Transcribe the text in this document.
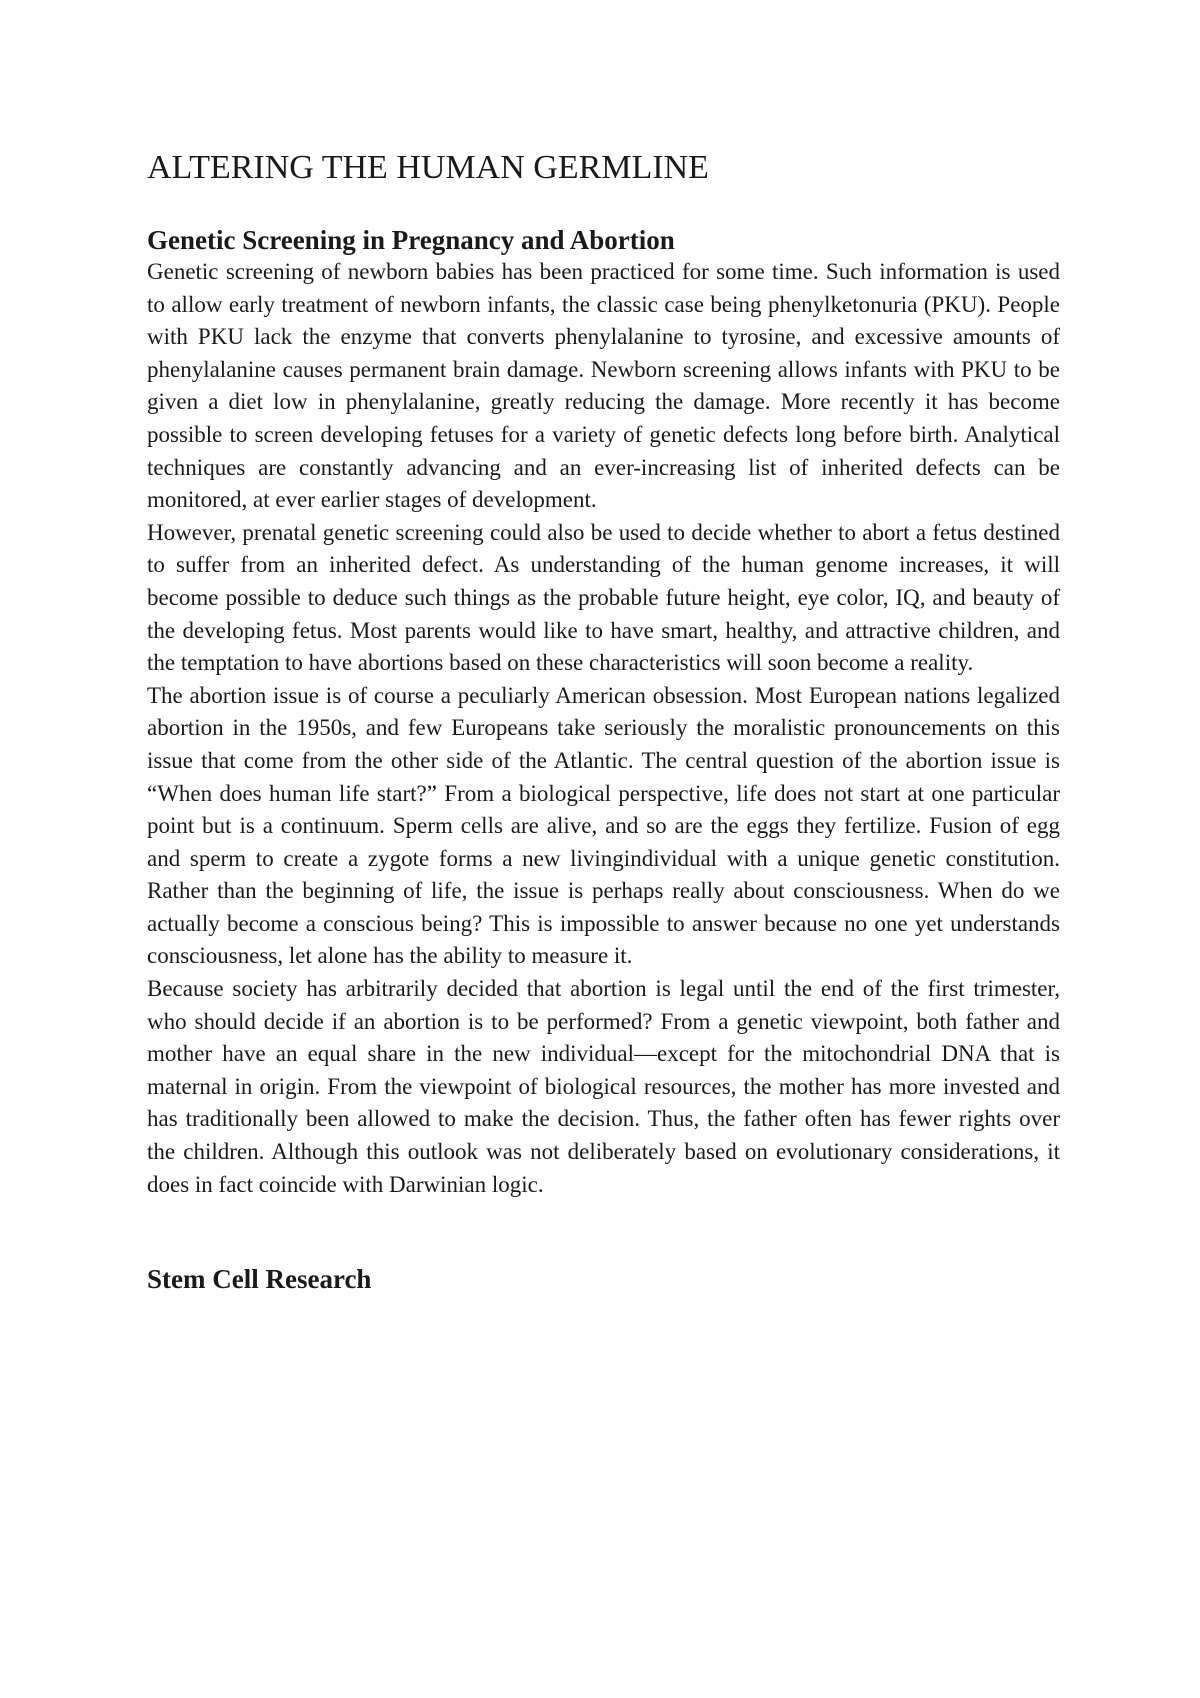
ALTERING THE HUMAN GERMLINE
Genetic Screening in Pregnancy and Abortion

Genetic screening of newborn babies has been practiced for some time. Such information is used to allow early treatment of newborn infants, the classic case being phenylketonuria (PKU). People with PKU lack the enzyme that converts phenylalanine to tyrosine, and excessive amounts of phenylalanine causes permanent brain damage. Newborn screening allows infants with PKU to be given a diet low in phenylalanine, greatly reducing the damage. More recently it has become possible to screen developing fetuses for a variety of genetic defects long before birth. Analytical techniques are constantly advancing and an ever-increasing list of inherited defects can be monitored, at ever earlier stages of development.

However, prenatal genetic screening could also be used to decide whether to abort a fetus destined to suffer from an inherited defect. As understanding of the human genome increases, it will become possible to deduce such things as the probable future height, eye color, IQ, and beauty of the developing fetus. Most parents would like to have smart, healthy, and attractive children, and the temptation to have abortions based on these characteristics will soon become a reality.

The abortion issue is of course a peculiarly American obsession. Most European nations legalized abortion in the 1950s, and few Europeans take seriously the moralistic pronouncements on this issue that come from the other side of the Atlantic. The central question of the abortion issue is “When does human life start?” From a biological perspective, life does not start at one particular point but is a continuum. Sperm cells are alive, and so are the eggs they fertilize. Fusion of egg and sperm to create a zygote forms a new livingindividual with a unique genetic constitution. Rather than the beginning of life, the issue is perhaps really about consciousness. When do we actually become a conscious being? This is impossible to answer because no one yet understands consciousness, let alone has the ability to measure it.

Because society has arbitrarily decided that abortion is legal until the end of the first trimester, who should decide if an abortion is to be performed? From a genetic viewpoint, both father and mother have an equal share in the new individual—except for the mitochondrial DNA that is maternal in origin. From the viewpoint of biological resources, the mother has more invested and has traditionally been allowed to make the decision. Thus, the father often has fewer rights over the children. Although this outlook was not deliberately based on evolutionary considerations, it does in fact coincide with Darwinian logic.

Stem Cell Research
